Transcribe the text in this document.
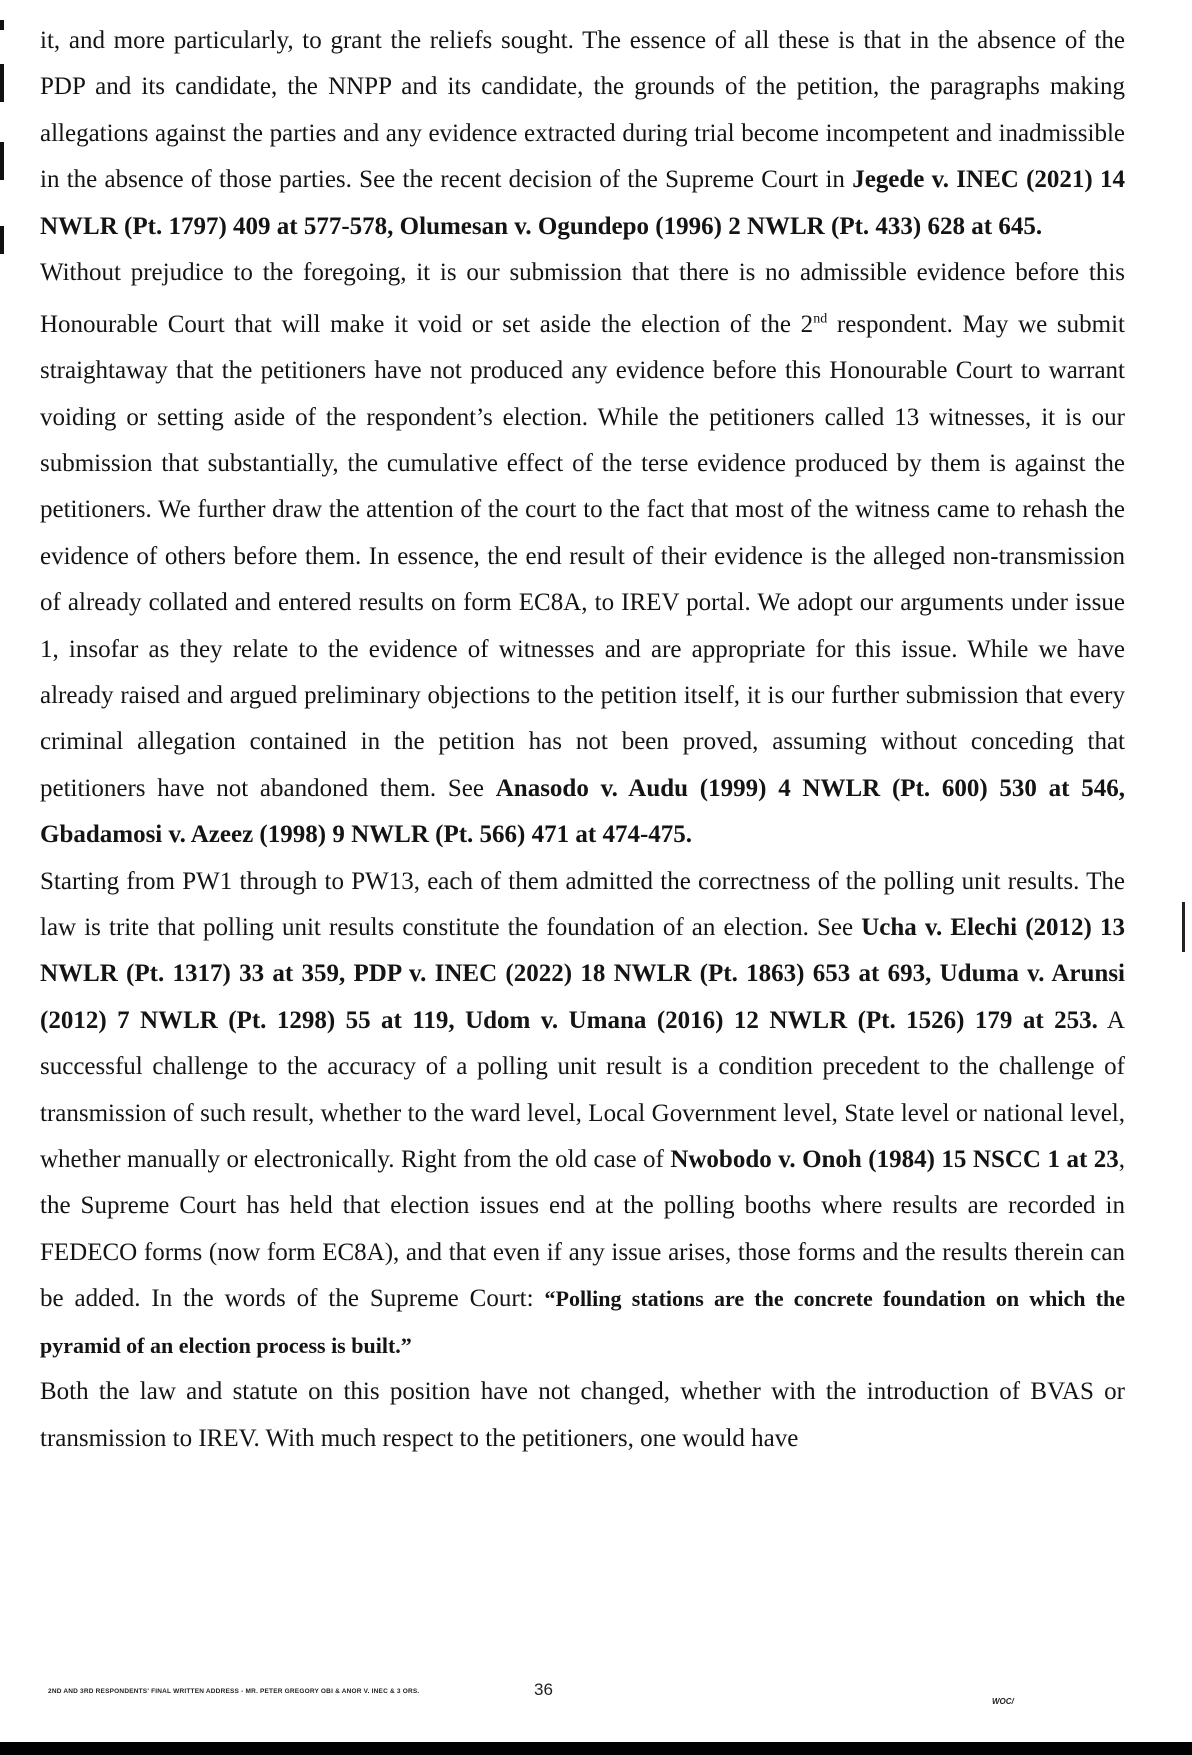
it, and more particularly, to grant the reliefs sought. The essence of all these is that in the absence of the PDP and its candidate, the NNPP and its candidate, the grounds of the petition, the paragraphs making allegations against the parties and any evidence extracted during trial become incompetent and inadmissible in the absence of those parties. See the recent decision of the Supreme Court in Jegede v. INEC (2021) 14 NWLR (Pt. 1797) 409 at 577-578, Olumesan v. Ogundepo (1996) 2 NWLR (Pt. 433) 628 at 645.

Without prejudice to the foregoing, it is our submission that there is no admissible evidence before this Honourable Court that will make it void or set aside the election of the 2nd respondent. May we submit straightaway that the petitioners have not produced any evidence before this Honourable Court to warrant voiding or setting aside of the respondent’s election. While the petitioners called 13 witnesses, it is our submission that substantially, the cumulative effect of the terse evidence produced by them is against the petitioners. We further draw the attention of the court to the fact that most of the witness came to rehash the evidence of others before them. In essence, the end result of their evidence is the alleged non-transmission of already collated and entered results on form EC8A, to IREV portal. We adopt our arguments under issue 1, insofar as they relate to the evidence of witnesses and are appropriate for this issue. While we have already raised and argued preliminary objections to the petition itself, it is our further submission that every criminal allegation contained in the petition has not been proved, assuming without conceding that petitioners have not abandoned them. See Anasodo v. Audu (1999) 4 NWLR (Pt. 600) 530 at 546, Gbadamosi v. Azeez (1998) 9 NWLR (Pt. 566) 471 at 474-475.

Starting from PW1 through to PW13, each of them admitted the correctness of the polling unit results. The law is trite that polling unit results constitute the foundation of an election. See Ucha v. Elechi (2012) 13 NWLR (Pt. 1317) 33 at 359, PDP v. INEC (2022) 18 NWLR (Pt. 1863) 653 at 693, Uduma v. Arunsi (2012) 7 NWLR (Pt. 1298) 55 at 119, Udom v. Umana (2016) 12 NWLR (Pt. 1526) 179 at 253. A successful challenge to the accuracy of a polling unit result is a condition precedent to the challenge of transmission of such result, whether to the ward level, Local Government level, State level or national level, whether manually or electronically. Right from the old case of Nwobodo v. Onoh (1984) 15 NSCC 1 at 23, the Supreme Court has held that election issues end at the polling booths where results are recorded in FEDECO forms (now form EC8A), and that even if any issue arises, those forms and the results therein can be added. In the words of the Supreme Court: “Polling stations are the concrete foundation on which the pyramid of an election process is built.”

Both the law and statute on this position have not changed, whether with the introduction of BVAS or transmission to IREV. With much respect to the petitioners, one would have

2ND AND 3RD RESPONDENTS' FINAL WRITTEN ADDRESS - MR. PETER GREGORY OBI & ANOR V. INEC & 3 ORS.	36
WOC/
